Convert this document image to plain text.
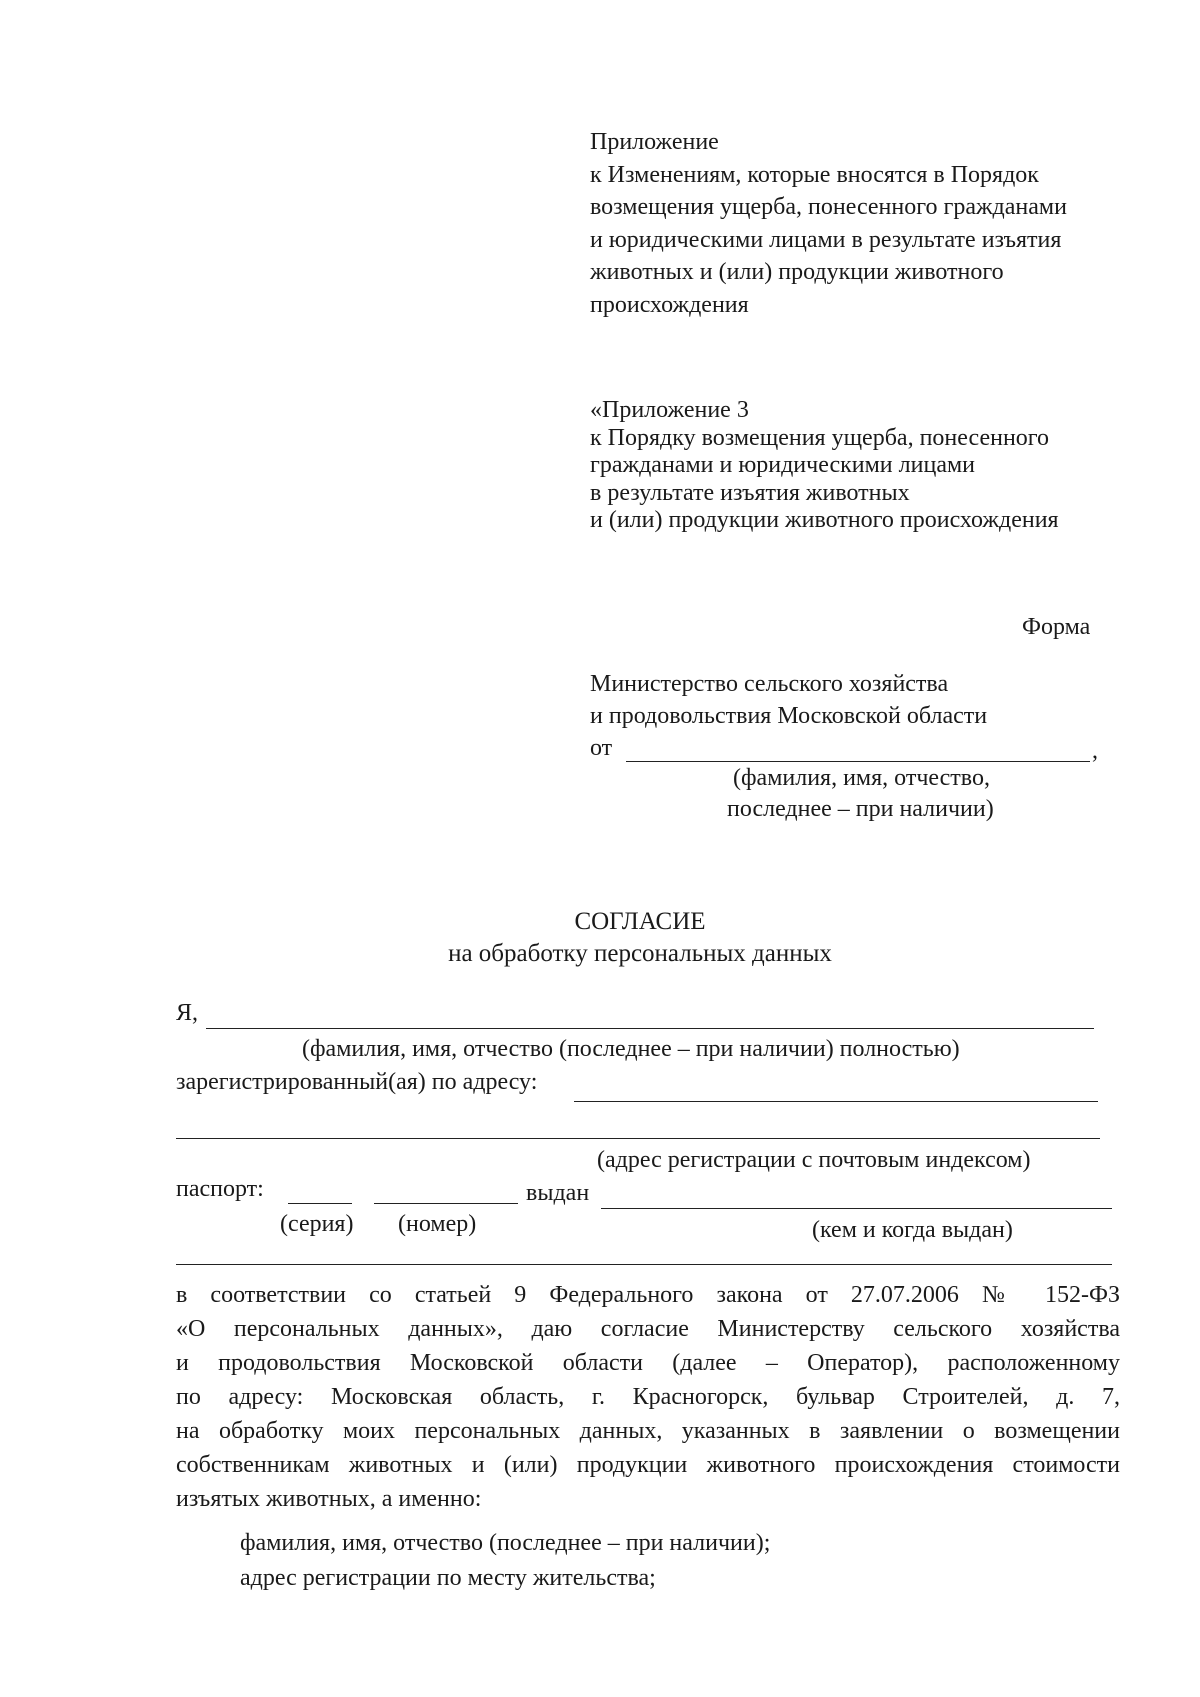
Приложение
к Изменениям, которые вносятся в Порядок
возмещения ущерба, понесенного гражданами
и юридическими лицами в результате изъятия
животных и (или) продукции животного
происхождения
«Приложение 3
к Порядку возмещения ущерба, понесенного
гражданами и юридическими лицами
в результате изъятия животных
и (или) продукции животного происхождения
Форма
Министерство сельского хозяйства
и продовольствия Московской области
от	,
(фамилия, имя, отчество,
последнее – при наличии)
СОГЛАСИЕ
на обработку персональных данных
Я,
(фамилия, имя, отчество (последнее – при наличии) полностью)
зарегистрированный(ая) по адресу:
(адрес регистрации с почтовым индексом)
паспорт:	выдан
(серия) (номер)	(кем и когда выдан)
в соответствии со статьей 9 Федерального закона от 27.07.2006 № 152-ФЗ
«О персональных данных», даю согласие Министерству сельского хозяйства
и продовольствия Московской области (далее – Оператор), расположенному
по адресу: Московская область, г. Красногорск, бульвар Строителей, д. 7,
на обработку моих персональных данных, указанных в заявлении о возмещении
собственникам животных и (или) продукции животного происхождения стоимости
изъятых животных, а именно:
фамилия, имя, отчество (последнее – при наличии);
адрес регистрации по месту жительства;
